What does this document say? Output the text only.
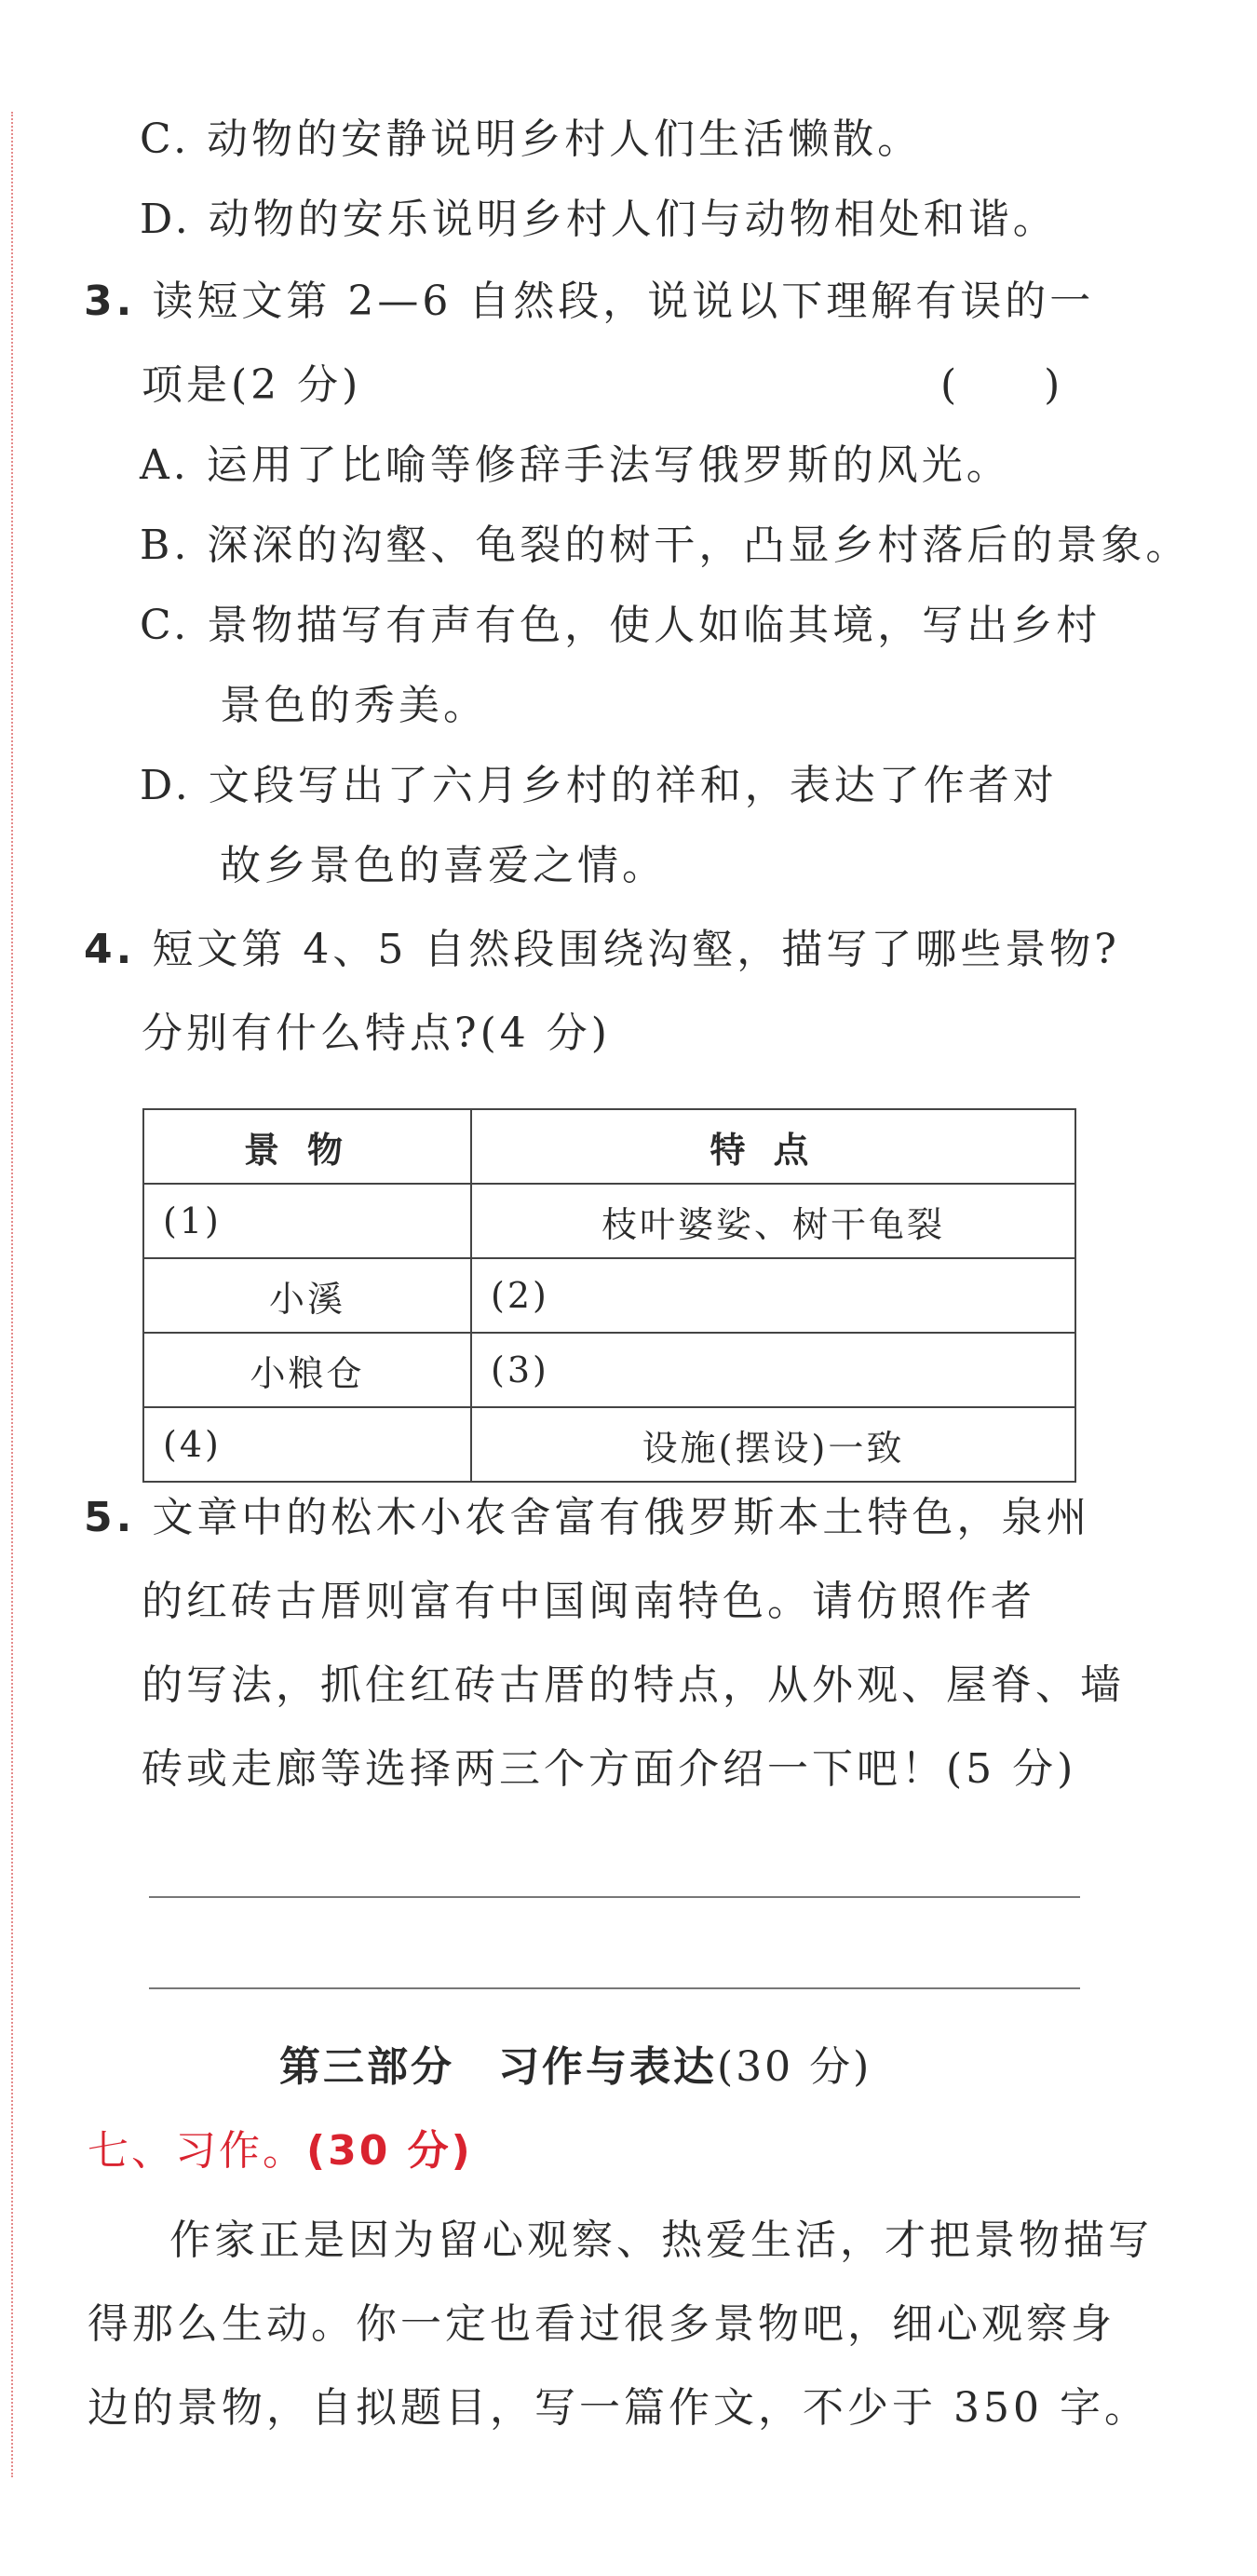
C. 动物的安静说明乡村人们生活懒散。
D. 动物的安乐说明乡村人们与动物相处和谐。
3. 读短文第 2—6 自然段，说说以下理解有误的一
项是(2 分)	( )
A. 运用了比喻等修辞手法写俄罗斯的风光。
B. 深深的沟壑、龟裂的树干，凸显乡村落后的景象。
C. 景物描写有声有色，使人如临其境，写出乡村
景色的秀美。
D. 文段写出了六月乡村的祥和，表达了作者对
故乡景色的喜爱之情。
4. 短文第 4、5 自然段围绕沟壑，描写了哪些景物?
分别有什么特点?(4 分)
景物	特点
(1)	枝叶婆娑、树干龟裂
小溪	(2)
小粮仓	(3)
(4)	设施(摆设)一致
5. 文章中的松木小农舍富有俄罗斯本土特色，泉州
的红砖古厝则富有中国闽南特色。请仿照作者
的写法，抓住红砖古厝的特点，从外观、屋脊、墙
砖或走廊等选择两三个方面介绍一下吧！(5 分)
第三部分　习作与表达(30 分)
七、习作。(30 分)
作家正是因为留心观察、热爱生活，才把景物描写
得那么生动。你一定也看过很多景物吧，细心观察身
边的景物，自拟题目，写一篇作文，不少于 350 字。
